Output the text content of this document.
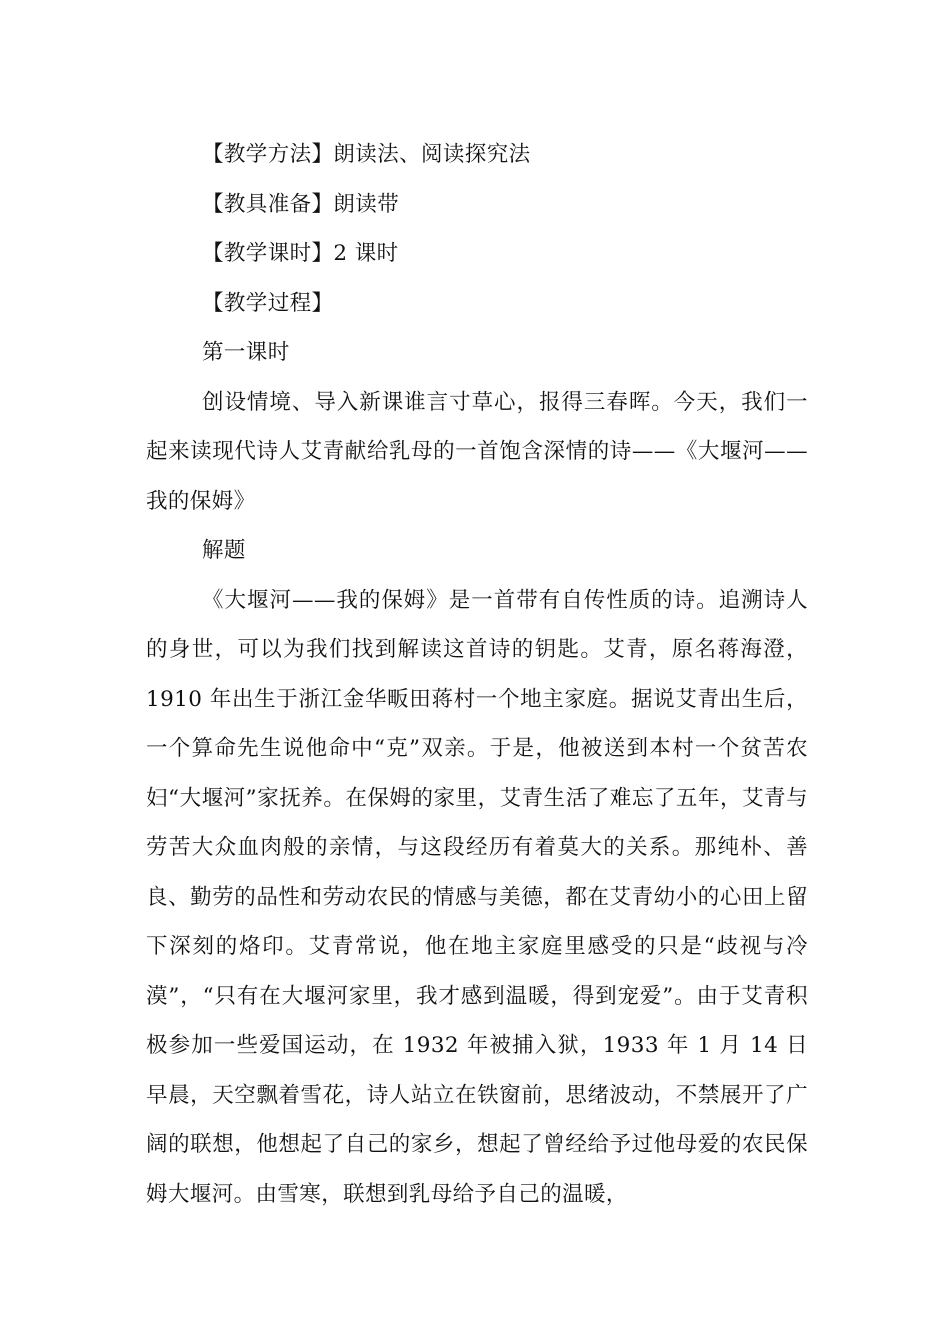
【教学方法】朗读法、阅读探究法

【教具准备】朗读带

【教学课时】2 课时

【教学过程】

第一课时

创设情境、导入新课谁言寸草心，报得三春晖。今天，我们一起来读现代诗人艾青献给乳母的一首饱含深情的诗——《大堰河——我的保姆》

解题

《大堰河——我的保姆》是一首带有自传性质的诗。追溯诗人的身世，可以为我们找到解读这首诗的钥匙。艾青，原名蒋海澄，1910 年出生于浙江金华畈田蒋村一个地主家庭。据说艾青出生后，一个算命先生说他命中“克”双亲。于是，他被送到本村一个贫苦农妇“大堰河”家抚养。在保姆的家里，艾青生活了难忘了五年，艾青与劳苦大众血肉般的亲情，与这段经历有着莫大的关系。那纯朴、善良、勤劳的品性和劳动农民的情感与美德，都在艾青幼小的心田上留下深刻的烙印。艾青常说，他在地主家庭里感受的只是“歧视与冷漠”，“只有在大堰河家里，我才感到温暖，得到宠爱”。由于艾青积极参加一些爱国运动，在 1932 年被捕入狱，1933 年 1 月 14 日早晨，天空飘着雪花，诗人站立在铁窗前，思绪波动，不禁展开了广阔的联想，他想起了自己的家乡，想起了曾经给予过他母爱的农民保姆大堰河。由雪寒，联想到乳母给予自己的温暖，
